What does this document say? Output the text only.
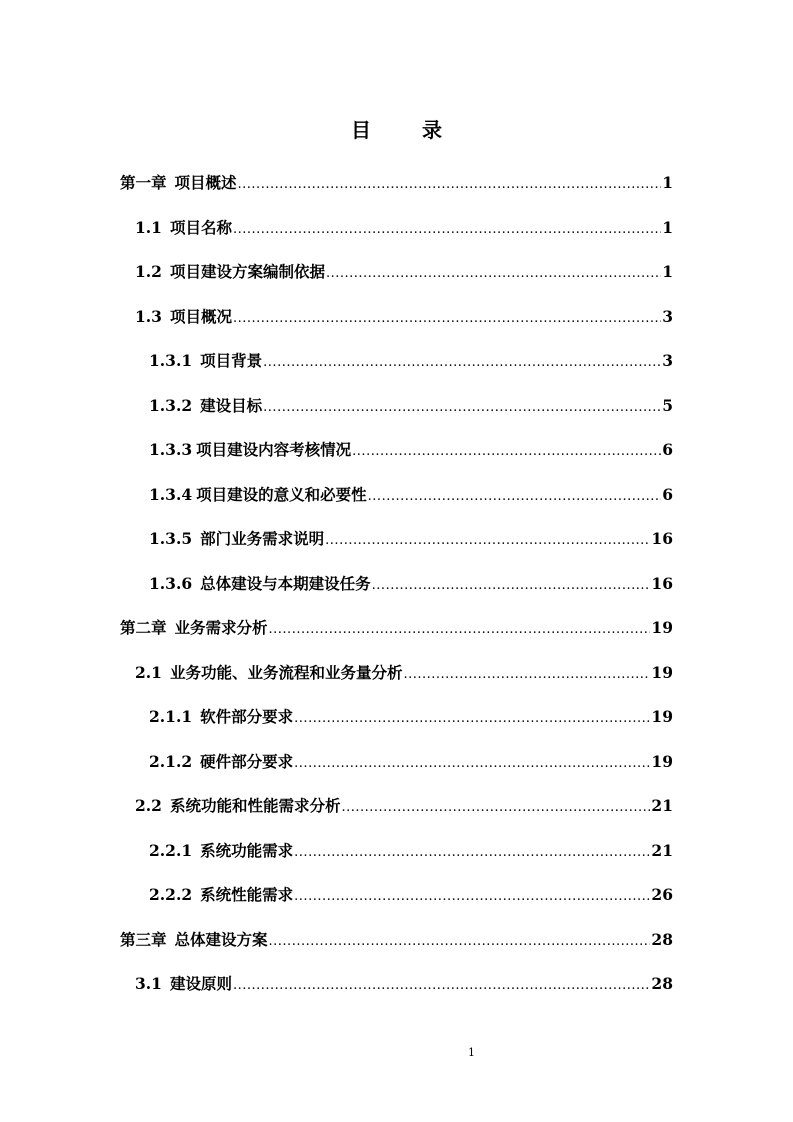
目 录
第一章 项目概述 .....	1
1.1 项目名称 .....	1
1.2 项目建设方案编制依据 .....	1
1.3 项目概况 .....	3
1.3.1 项目背景 .....	3
1.3.2 建设目标 .....	5
1.3.3 项目建设内容考核情况 .....	6
1.3.4 项目建设的意义和必要性 .....	6
1.3.5 部门业务需求说明 .....	16
1.3.6 总体建设与本期建设任务 .....	16
第二章 业务需求分析 .....	19
2.1 业务功能、业务流程和业务量分析 .....	19
2.1.1 软件部分要求 .....	19
2.1.2 硬件部分要求 .....	19
2.2 系统功能和性能需求分析 .....	21
2.2.1 系统功能需求 .....	21
2.2.2 系统性能需求 .....	26
第三章 总体建设方案 .....	28
3.1 建设原则 .....	28
1
